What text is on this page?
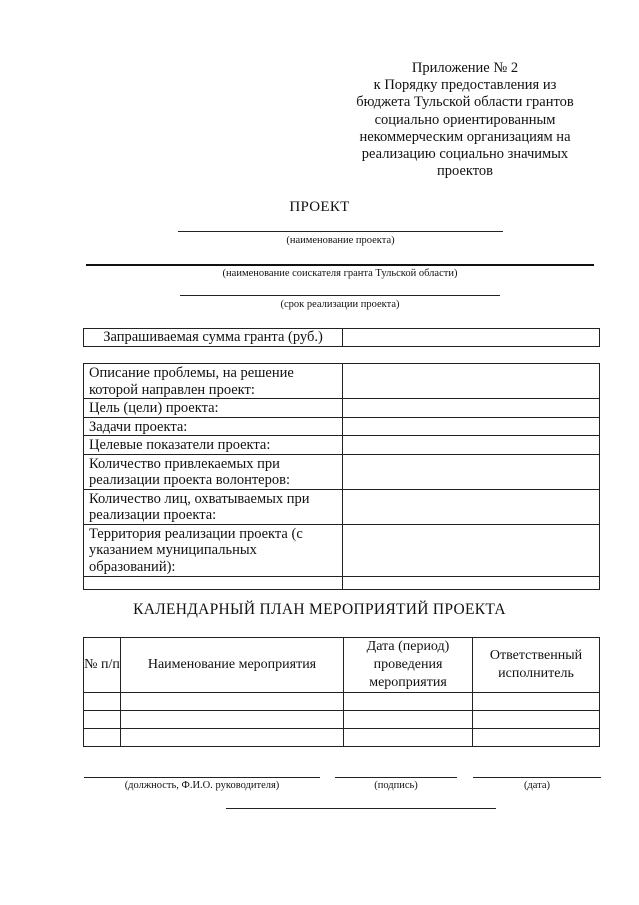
Приложение № 2
к Порядку предоставления из
бюджета Тульской области грантов
социально ориентированным
некоммерческим организациям на
реализацию социально значимых
проектов
ПРОЕКТ
(наименование проекта)
(наименование соискателя гранта Тульской области)
(срок реализации проекта)
Запрашиваемая сумма гранта (руб.)	
Описание проблемы, на решение которой направлен проект:	
Цель (цели) проекта:	
Задачи проекта:	
Целевые показатели проекта:	
Количество привлекаемых при реализации проекта волонтеров:	
Количество лиц, охватываемых при реализации проекта:	
Территория реализации проекта (с указанием муниципальных образований):	

КАЛЕНДАРНЫЙ ПЛАН МЕРОПРИЯТИЙ ПРОЕКТА
№ п/п	Наименование мероприятия	Дата (период) проведения мероприятия	Ответственный исполнитель

(должность, Ф.И.О. руководителя)	(подпись)	(дата)
